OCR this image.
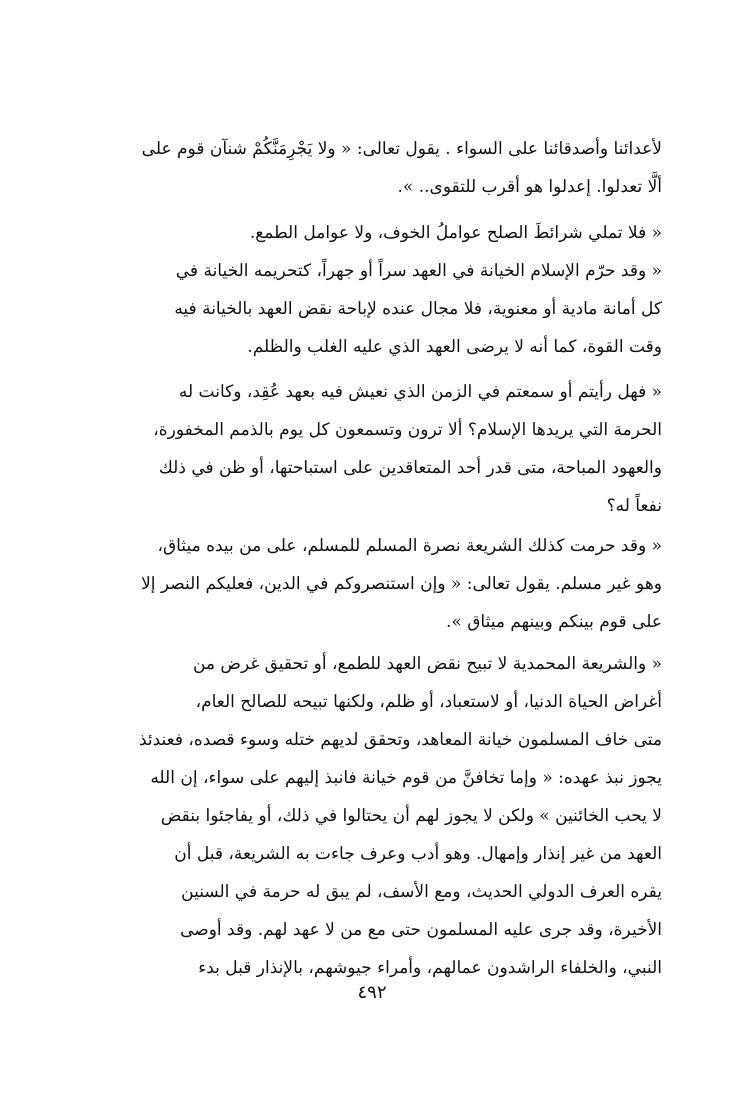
لأعدائنا وأصدقائنا على السواء . يقول تعالى: « ولا يَجْرِمَنَّكُمْ شنآن قوم على
ألَّا تعدلوا. إعدلوا هو أقرب للتقوى.. ».
« فلا تملي شرائطَ الصلح عواملُ الخوف، ولا عوامل الطمع.
« وقد حرّم الإسلام الخيانة في العهد سراً أو جهراً، كتحريمه الخيانة في
كل أمانة مادية أو معنوية، فلا مجال عنده لإباحة نقض العهد بالخيانة فيه
وقت القوة، كما أنه لا يرضى العهد الذي عليه الغلب والظلم.
« فهل رأيتم أو سمعتم في الزمن الذي نعيش فيه بعهد عُقِد، وكانت له
الحرمة التي يريدها الإسلام؟ ألا ترون وتسمعون كل يوم بالذمم المخفورة،
والعهود المباحة، متى قدر أحد المتعاقدين على استباحتها، أو ظن في ذلك
نفعاً له؟
« وقد حرمت كذلك الشريعة نصرة المسلم للمسلم، على من بيده ميثاق،
وهو غير مسلم. يقول تعالى: « وإن استنصروكم في الدين، فعليكم النصر إلا
على قوم بينكم وبينهم ميثاق ».
« والشريعة المحمدية لا تبيح نقض العهد للطمع، أو تحقيق غرض من
أغراض الحياة الدنيا، أو لاستعباد، أو ظلم، ولكنها تبيحه للصالح العام،
متى خاف المسلمون خيانة المعاهد، وتحقق لديهم ختله وسوء قصده، فعندئذ
يجوز نبذ عهده: « وإما تخافنَّ من قوم خيانة فانبذ إليهم على سواء، إن الله
لا يحب الخائنين » ولكن لا يجوز لهم أن يحتالوا في ذلك، أو يفاجئوا بنقض
العهد من غير إنذار وإمهال. وهو أدب وعرف جاءت به الشريعة، قبل أن
يقره العرف الدولي الحديث، ومع الأسف، لم يبق له حرمة في السنين
الأخيرة، وقد جرى عليه المسلمون حتى مع من لا عهد لهم. وقد أوصى
النبي، والخلفاء الراشدون عمالهم، وأمراء جيوشهم، بالإنذار قبل بدء
٤٩٢
